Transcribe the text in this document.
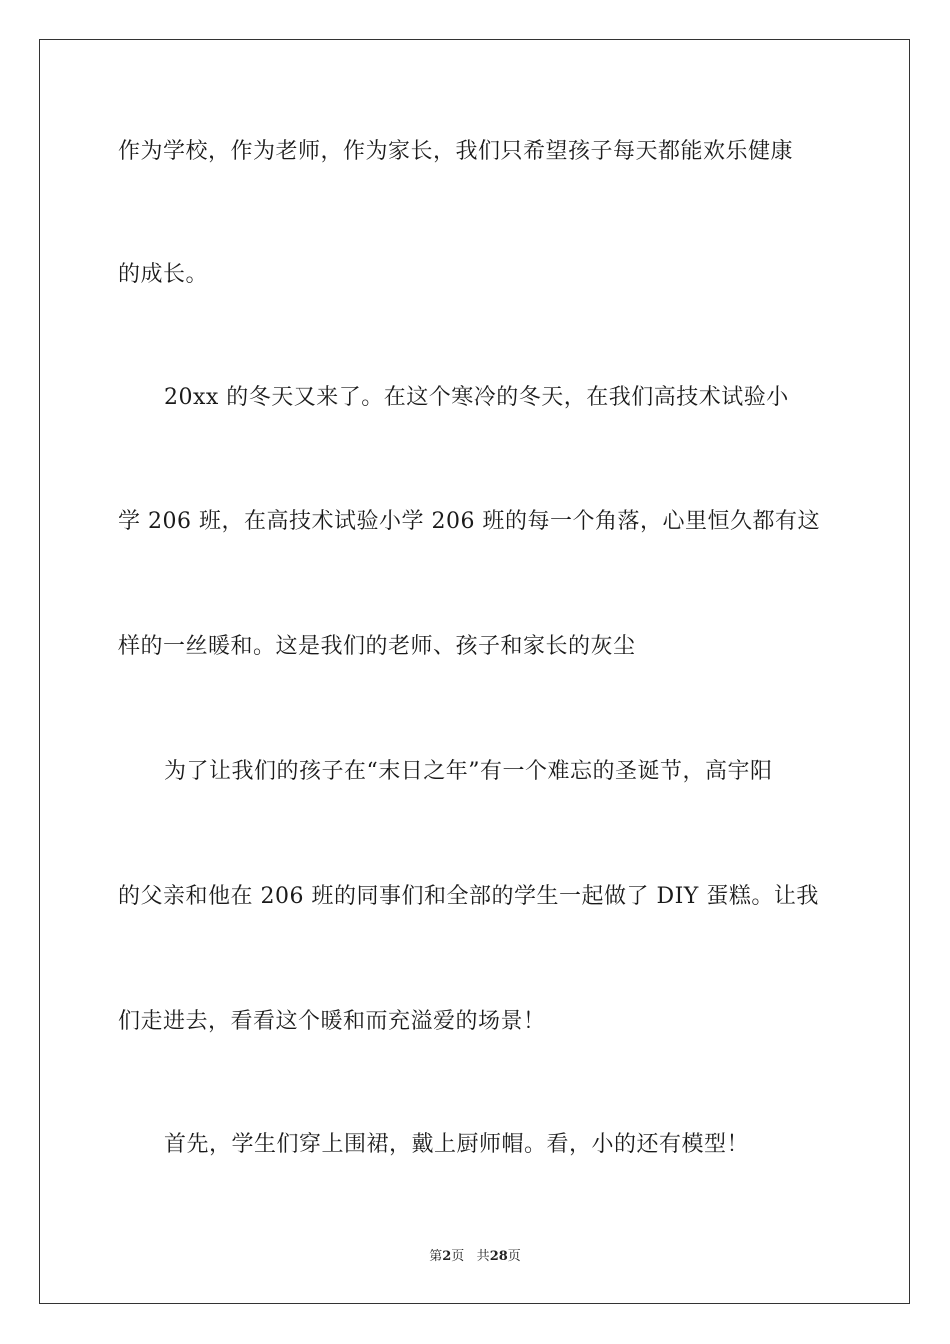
作为学校，作为老师，作为家长，我们只希望孩子每天都能欢乐健康
的成长。
20xx 的冬天又来了。在这个寒冷的冬天，在我们高技术试验小
学 206 班，在高技术试验小学 206 班的每一个角落，心里恒久都有这
样的一丝暖和。这是我们的老师、孩子和家长的灰尘
为了让我们的孩子在“末日之年”有一个难忘的圣诞节，高宇阳
的父亲和他在 206 班的同事们和全部的学生一起做了 DIY 蛋糕。让我
们走进去，看看这个暖和而充溢爱的场景！
首先，学生们穿上围裙，戴上厨师帽。看，小的还有模型！
第2页 共28页
